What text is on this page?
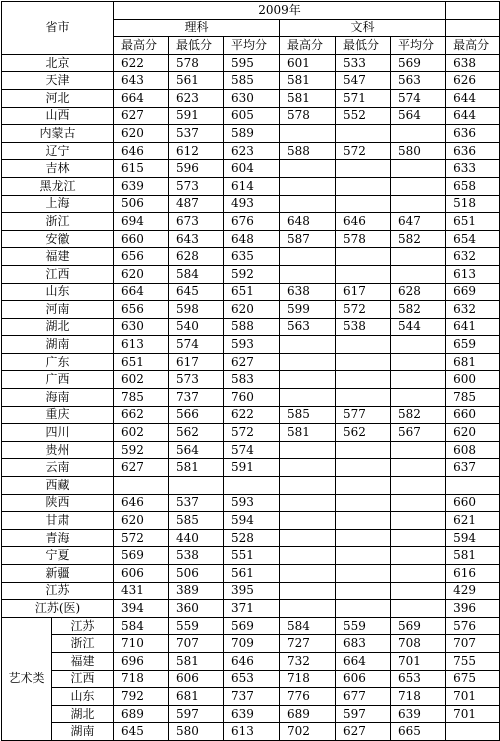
省市		2009年						
		理科			文科			
		最高分	最低分	平均分	最高分	最低分	平均分	最高分
北京		622	578	595	601	533	569	638
天津		643	561	585	581	547	563	626
河北		664	623	630	581	571	574	644
山西		627	591	605	578	552	564	644
内蒙古		620	537	589				636
辽宁		646	612	623	588	572	580	636
吉林		615	596	604				633
黑龙江		639	573	614				658
上海		506	487	493				518
浙江		694	673	676	648	646	647	651
安徽		660	643	648	587	578	582	654
福建		656	628	635				632
江西		620	584	592				613
山东		664	645	651	638	617	628	669
河南		656	598	620	599	572	582	632
湖北		630	540	588	563	538	544	641
湖南		613	574	593				659
广东		651	617	627				681
广西		602	573	583				600
海南		785	737	760				785
重庆		662	566	622	585	577	582	660
四川		602	562	572	581	562	567	620
贵州		592	564	574				608
云南		627	581	591				637
西藏								
陕西		646	537	593				660
甘肃		620	585	594				621
青海		572	440	528				594
宁夏		569	538	551				581
新疆		606	506	561				616
江苏		431	389	395				429
江苏(医)		394	360	371				396
艺术类	江苏	584	559	569	584	559	569	576
	浙江	710	707	709	727	683	708	707
	福建	696	581	646	732	664	701	755
	江西	718	606	653	718	606	653	675
	山东	792	681	737	776	677	718	701
	湖北	689	597	639	689	597	639	701
	湖南	645	580	613	702	627	665	
